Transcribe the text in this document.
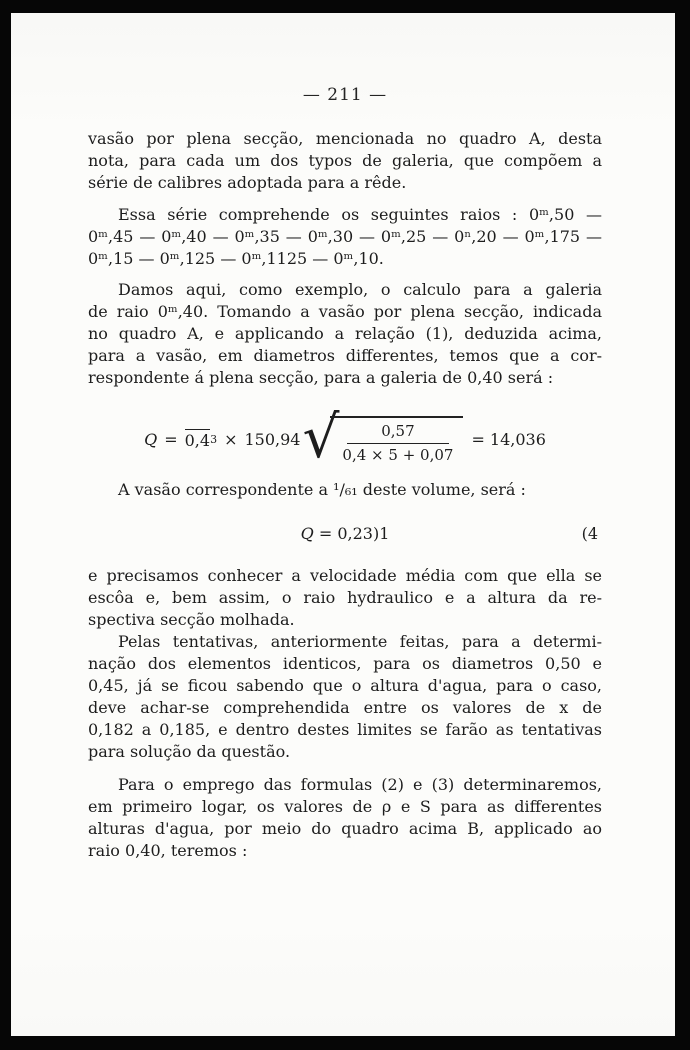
— 211 —
vasão por plena secção, mencionada no quadro A, desta
nota, para cada um dos typos de galeria, que compõem a
série de calibres adoptada para a rêde.
Essa série comprehende os seguintes raios : 0ᵐ,50 —
0ᵐ,45 — 0ᵐ,40 — 0ᵐ,35 — 0ᵐ,30 — 0ᵐ,25 — 0ⁿ,20 — 0ᵐ,175 —
0ᵐ,15 — 0ᵐ,125 — 0ᵐ,1125 — 0ᵐ,10.
Damos aqui, como exemplo, o calculo para a galeria
de raio 0ᵐ,40. Tomando a vasão por plena secção, indicada
no quadro A, e applicando a relação (1), deduzida acima,
para a vasão, em diametros differentes, temos que a cor-
respondente á plena secção, para a galeria de 0,40 será :
Q = 0,4 3 × 150,94 √ $\frac{0,57}{0,4 \times 5 + 0,07} = 14,036$
A vasão correspondente a ¹/₆₁ deste volume, será :
Q = 0,23)1	(4
e precisamos conhecer a velocidade média com que ella se
escôa e, bem assim, o raio hydraulico e a altura da re-
spectiva secção molhada.
Pelas tentativas, anteriormente feitas, para a determi-
nação dos elementos identicos, para os diametros 0,50 e
0,45, já se ficou sabendo que o altura d'agua, para o caso,
deve achar-se comprehendida entre os valores de x de
0,182 a 0,185, e dentro destes limites se farão as tentativas
para solução da questão.
Para o emprego das formulas (2) e (3) determinaremos,
em primeiro logar, os valores de ρ e S para as differentes
alturas d'agua, por meio do quadro acima B, applicado ao
raio 0,40, teremos :
